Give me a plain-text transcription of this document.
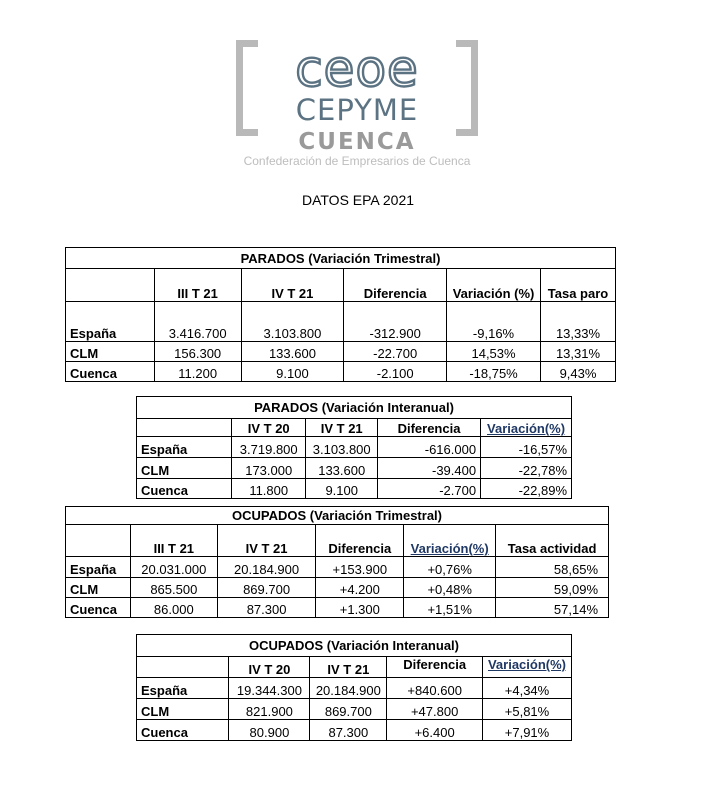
ceoe
CEPYME
CUENCA
Confederación de Empresarios de Cuenca
DATOS EPA 2021
PARADOS (Variación Trimestral)					
	III T 21	IV T 21	Diferencia	Variación (%)	Tasa paro
España	3.416.700	3.103.800	-312.900	-9,16%	13,33%
CLM	156.300	133.600	-22.700	14,53%	13,31%
Cuenca	11.200	9.100	-2.100	-18,75%	9,43%
PARADOS (Variación Interanual)				
	IV T 20	IV T 21	Diferencia	Variación(%)
España	3.719.800	3.103.800	-616.000	-16,57%
CLM	173.000	133.600	-39.400	-22,78%
Cuenca	11.800	9.100	-2.700	-22,89%
OCUPADOS (Variación Trimestral)					
	III T 21	IV T 21	Diferencia	Variación(%)	Tasa actividad
España	20.031.000	20.184.900	+153.900	+0,76%	58,65%
CLM	865.500	869.700	+4.200	+0,48%	59,09%
Cuenca	86.000	87.300	+1.300	+1,51%	57,14%
OCUPADOS (Variación Interanual)				
	IV T 20	IV T 21	Diferencia	Variación(%)
España	19.344.300	20.184.900	+840.600	+4,34%
CLM	821.900	869.700	+47.800	+5,81%
Cuenca	80.900	87.300	+6.400	+7,91%
